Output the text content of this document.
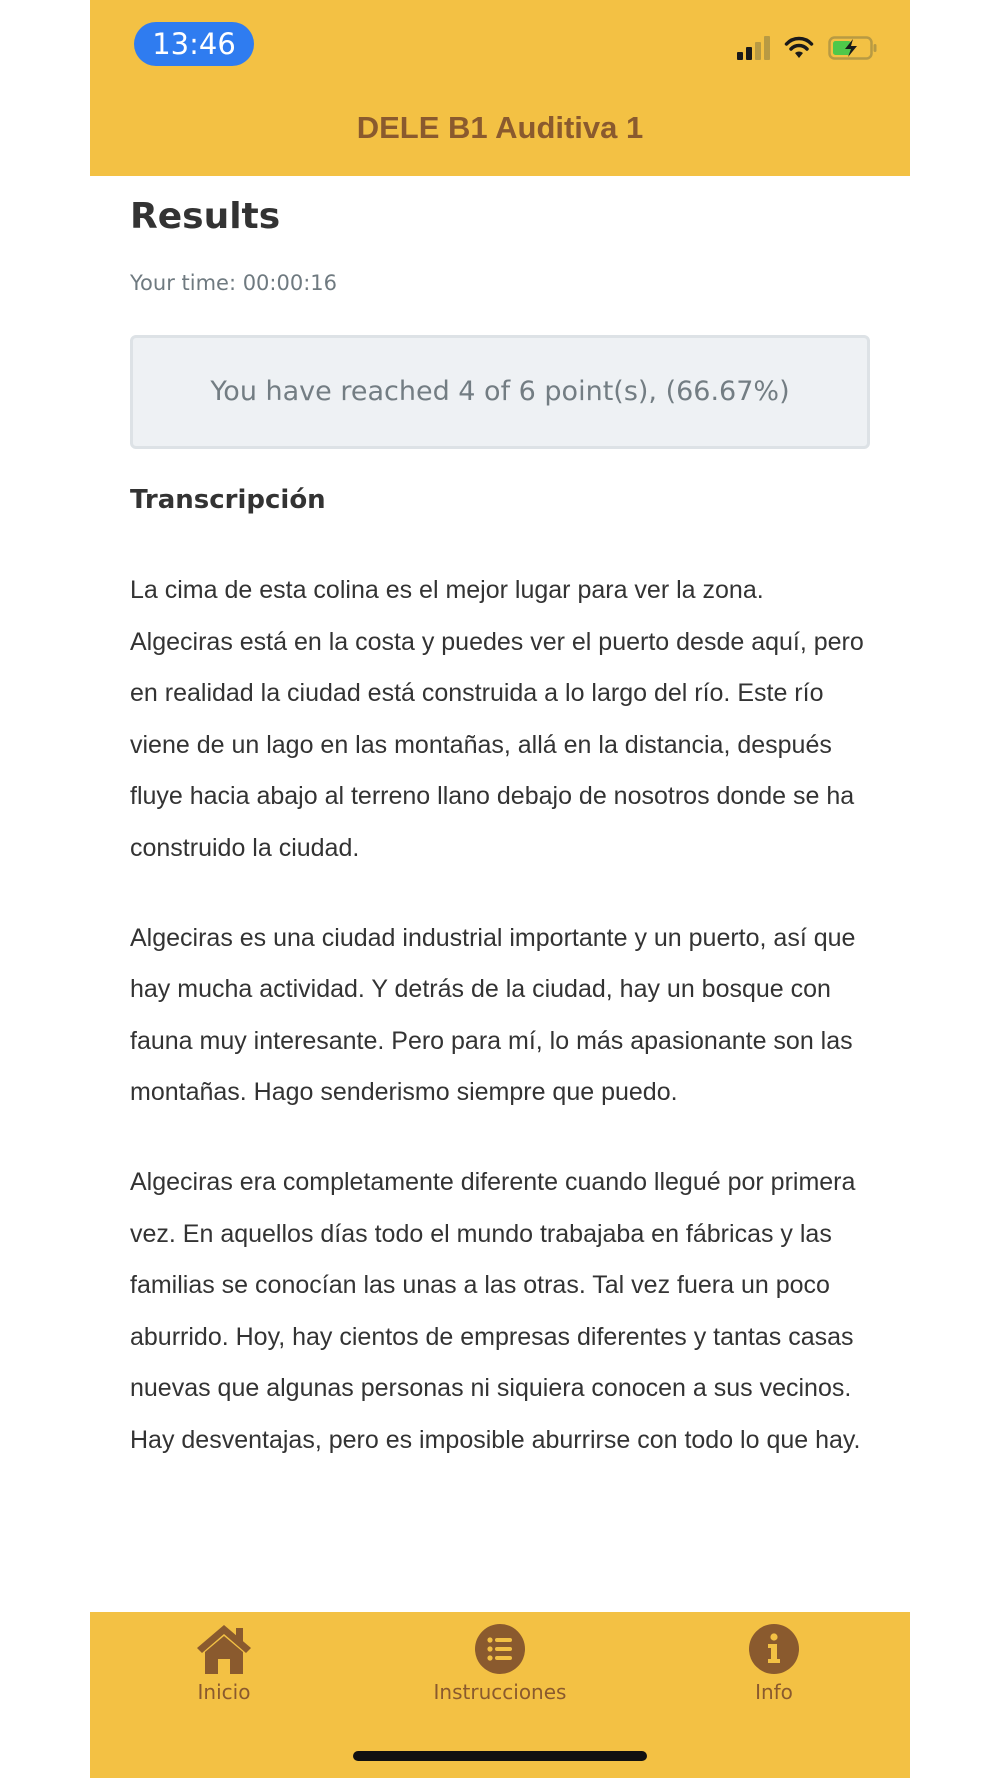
13:46
DELE B1 Auditiva 1
Results
Your time: 00:00:16
You have reached 4 of 6 point(s), (66.67%)
Transcripción

La cima de esta colina es el mejor lugar para ver la zona. Algeciras está en la costa y puedes ver el puerto desde aquí, pero en realidad la ciudad está construida a lo largo del río. Este río viene de un lago en las montañas, allá en la distancia, después fluye hacia abajo al terreno llano debajo de nosotros donde se ha construido la ciudad.

Algeciras es una ciudad industrial importante y un puerto, así que hay mucha actividad. Y detrás de la ciudad, hay un bosque con fauna muy interesante. Pero para mí, lo más apasionante son las montañas. Hago senderismo siempre que puedo.

Algeciras era completamente diferente cuando llegué por primera vez. En aquellos días todo el mundo trabajaba en fábricas y las familias se conocían las unas a las otras. Tal vez fuera un poco aburrido. Hoy, hay cientos de empresas diferentes y tantas casas nuevas que algunas personas ni siquiera conocen a sus vecinos. Hay desventajas, pero es imposible aburrirse con todo lo que hay.

Inicio	Instrucciones	Info
